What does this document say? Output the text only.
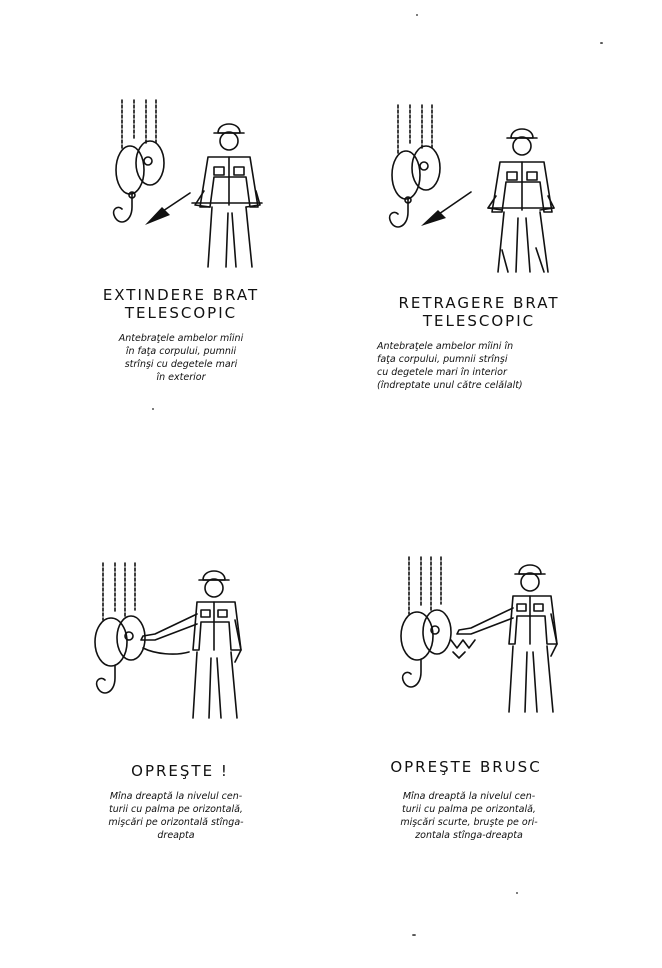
EXTINDERE BRAT
TELESCOPIC
Antebraţele ambelor mîini
în faţa corpului, pumnii
strînşi cu degetele mari
în exterior
RETRAGERE BRAT
TELESCOPIC
Antebraţele ambelor mîini în
faţa corpului, pumnii strînşi
cu degetele mari în interior
(îndreptate unul către celălalt)
OPREŞTE !
Mîna dreaptă la nivelul cen-
turii cu palma pe orizontală,
mişcări pe orizontală stînga-
dreapta
OPREŞTE BRUSC
Mîna dreaptă la nivelul cen-
turii cu palma pe orizontală,
mişcări scurte, bruşte pe ori-
zontala stînga-dreapta
